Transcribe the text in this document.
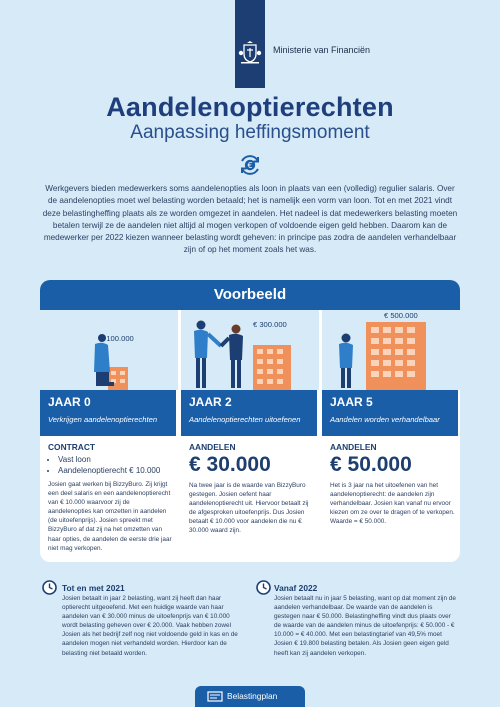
Ministerie van Financiën
Aandelenoptierechten
Aanpassing heffingsmoment
€
Werkgevers bieden medewerkers soms aandelenopties als loon in plaats van een (volledig) regulier salaris. Over de aandelenopties moet wel belasting worden betaald; het is namelijk een vorm van loon. Tot en met 2021 vindt deze belastingheffing plaats als ze worden omgezet in aandelen. Het nadeel is dat medewerkers belasting moeten betalen terwijl ze de aandelen niet altijd al mogen verkopen of voldoende eigen geld hebben. Daarom kan de medewerker per 2022 kiezen wanneer belasting wordt geheven: in principe pas zodra de aandelen verhandelbaar zijn of op het moment zoals het was.
Voorbeeld
€ 100.000
JAAR 0
Verkrijgen aandelenoptierechten
CONTRACT
• Vast loon
• Aandelenoptierecht € 10.000
Josien gaat werken bij BizzyBuro. Zij krijgt een deel salaris en een aandelenoptierecht van € 10.000 waarvoor zij de aandelenopties kan omzetten in aandelen (de uitoefenprijs). Josien spreekt met BizzyBuro af dat zij na het omzetten van haar opties, de aandelen de eerste drie jaar niet mag verkopen.
€ 300.000
JAAR 2
Aandelenoptierechten uitoefenen
AANDELEN
€ 30.000
Na twee jaar is de waarde van BizzyBuro gestegen. Josien oefent haar aandelenoptierecht uit. Hiervoor betaalt zij de afgesproken uitoefenprijs. Dus Josien betaalt € 10.000 voor aandelen die nu € 30.000 waard zijn.
€ 500.000
JAAR 5
Aandelen worden verhandelbaar
AANDELEN
€ 50.000
Het is 3 jaar na het uitoefenen van het aandelenoptierecht: de aandelen zijn verhandelbaar. Josien kan vanaf nu ervoor kiezen om ze over te dragen of te verkopen. Waarde = € 50.000.
Tot en met 2021
Josien betaalt in jaar 2 belasting, want zij heeft dan haar optierecht uitgeoefend. Met een huidige waarde van haar aandelen van € 30.000 minus de uitoefenprijs van € 10.000 wordt belasting geheven over € 20.000. Vaak hebben zowel Josien als het bedrijf zelf nog niet voldoende geld in kas en de aandelen mogen niet verhandeld worden. Hierdoor kan de belasting niet betaald worden.
Vanaf 2022
Josien betaalt nu in jaar 5 belasting, want op dat moment zijn de aandelen verhandelbaar. De waarde van de aandelen is gestegen naar € 50.000. Belastingheffing vindt dus plaats over de waarde van de aandelen minus de uitoefenprijs: € 50.000 - € 10.000 = € 40.000. Met een belastingtarief van 49,5% moet Josien € 19.800 belasting betalen. Als Josien geen eigen geld heeft kan zij aandelen verkopen.
Belastingplan
